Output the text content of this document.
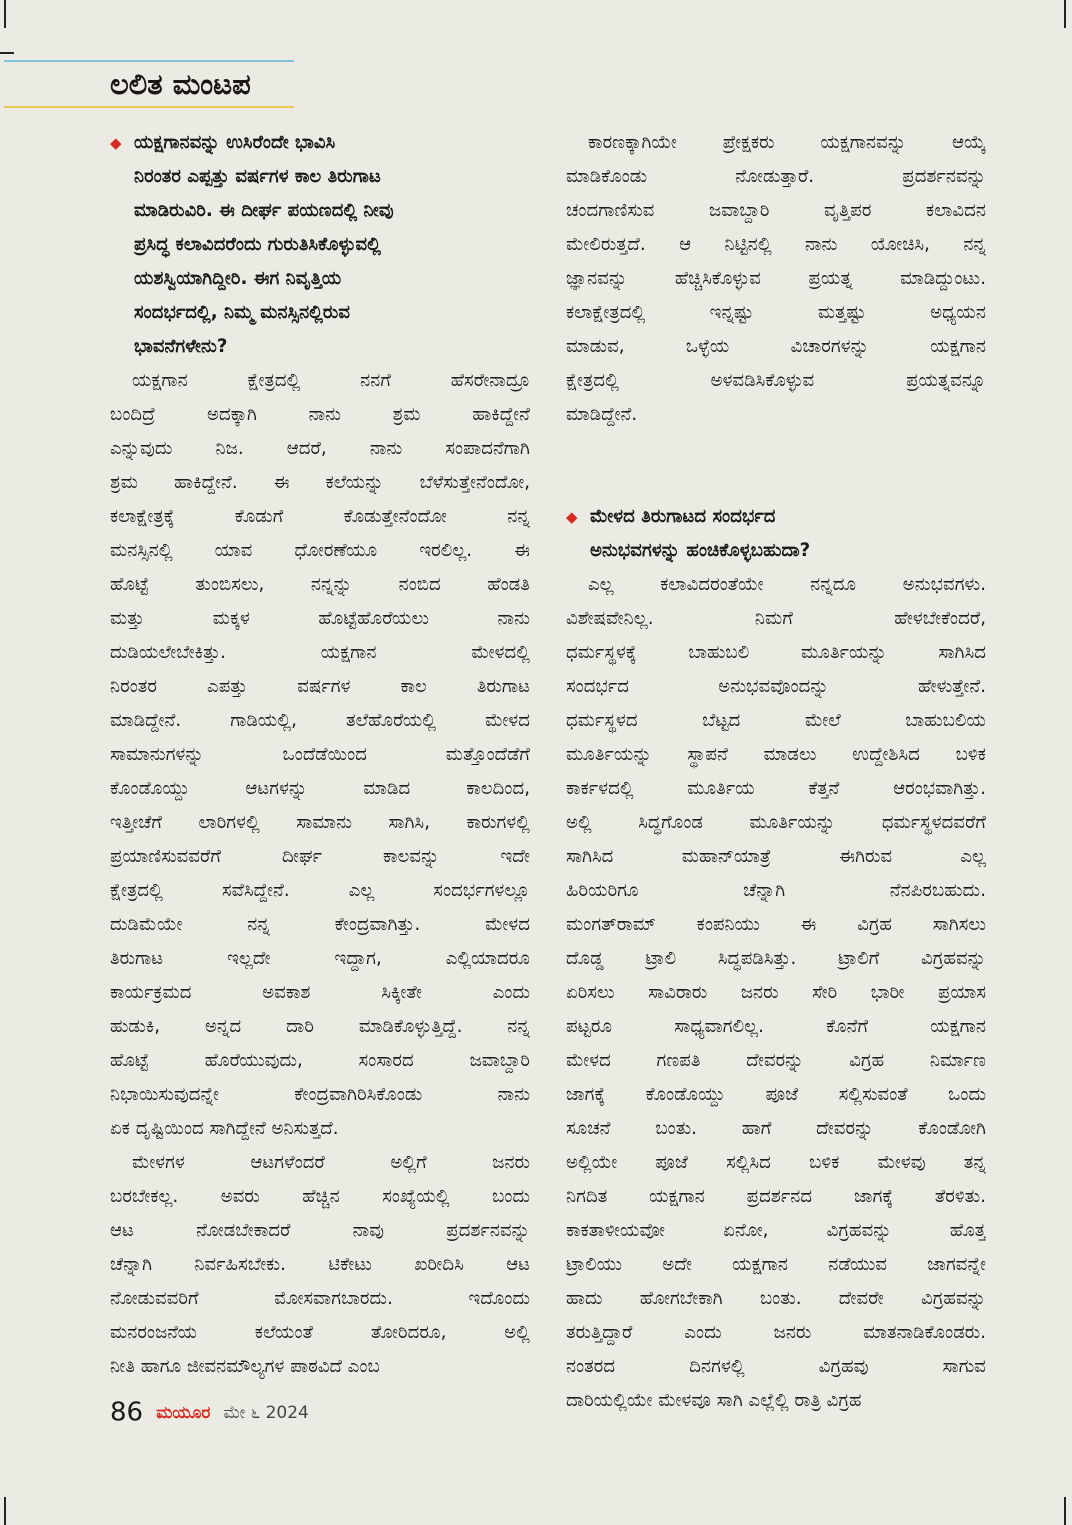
ಲಲಿತ ಮಂಟಪ
◆ ಯಕ್ಷಗಾನವನ್ನು ಉಸಿರೆಂದೇ ಭಾವಿಸಿ
ನಿರಂತರ ಎಪ್ಪತ್ತು ವರ್ಷಗಳ ಕಾಲ ತಿರುಗಾಟ
ಮಾಡಿರುವಿರಿ. ಈ ದೀರ್ಘ ಪಯಣದಲ್ಲಿ ನೀವು
ಪ್ರಸಿದ್ಧ ಕಲಾವಿದರೆಂದು ಗುರುತಿಸಿಕೊಳ್ಳುವಲ್ಲಿ
ಯಶಸ್ವಿಯಾಗಿದ್ದೀರಿ. ಈಗ ನಿವೃತ್ತಿಯ
ಸಂದರ್ಭದಲ್ಲಿ, ನಿಮ್ಮ ಮನಸ್ಸಿನಲ್ಲಿರುವ
ಭಾವನೆಗಳೇನು?
ಯಕ್ಷಗಾನ ಕ್ಷೇತ್ರದಲ್ಲಿ ನನಗೆ ಹೆಸರೇನಾದ್ರೂ
ಬಂದಿದ್ರೆ ಅದಕ್ಕಾಗಿ ನಾನು ಶ್ರಮ ಹಾಕಿದ್ದೇನೆ
ಎನ್ನುವುದು ನಿಜ. ಆದರೆ, ನಾನು ಸಂಪಾದನೆಗಾಗಿ
ಶ್ರಮ ಹಾಕಿದ್ದೇನೆ. ಈ ಕಲೆಯನ್ನು ಬೆಳೆಸುತ್ತೇನೆಂದೋ,
ಕಲಾಕ್ಷೇತ್ರಕ್ಕೆ ಕೊಡುಗೆ ಕೊಡುತ್ತೇನೆಂದೋ ನನ್ನ
ಮನಸ್ಸಿನಲ್ಲಿ ಯಾವ ಧೋರಣೆಯೂ ಇರಲಿಲ್ಲ. ಈ
ಹೊಟ್ಟೆ ತುಂಬಿಸಲು, ನನ್ನನ್ನು ನಂಬಿದ ಹೆಂಡತಿ
ಮತ್ತು ಮಕ್ಕಳ ಹೊಟ್ಟೆಹೊರೆಯಲು ನಾನು
ದುಡಿಯಲೇಬೇಕಿತ್ತು. ಯಕ್ಷಗಾನ ಮೇಳದಲ್ಲಿ
ನಿರಂತರ ಎಪತ್ತು ವರ್ಷಗಳ ಕಾಲ ತಿರುಗಾಟ
ಮಾಡಿದ್ದೇನೆ. ಗಾಡಿಯಲ್ಲಿ, ತಲೆಹೊರೆಯಲ್ಲಿ ಮೇಳದ
ಸಾಮಾನುಗಳನ್ನು ಒಂದೆಡೆಯಿಂದ ಮತ್ತೊಂದೆಡೆಗೆ
ಕೊಂಡೊಯ್ದು ಆಟಗಳನ್ನು ಮಾಡಿದ ಕಾಲದಿಂದ,
ಇತ್ತೀಚೆಗೆ ಲಾರಿಗಳಲ್ಲಿ ಸಾಮಾನು ಸಾಗಿಸಿ, ಕಾರುಗಳಲ್ಲಿ
ಪ್ರಯಾಣಿಸುವವರೆಗೆ ದೀರ್ಘ ಕಾಲವನ್ನು ಇದೇ
ಕ್ಷೇತ್ರದಲ್ಲಿ ಸವೆಸಿದ್ದೇನೆ. ಎಲ್ಲ ಸಂದರ್ಭಗಳಲ್ಲೂ
ದುಡಿಮೆಯೇ ನನ್ನ ಕೇಂದ್ರವಾಗಿತ್ತು. ಮೇಳದ
ತಿರುಗಾಟ ಇಲ್ಲದೇ ಇದ್ದಾಗ, ಎಲ್ಲಿಯಾದರೂ
ಕಾರ್ಯಕ್ರಮದ ಅವಕಾಶ ಸಿಕ್ಕೀತೇ ಎಂದು
ಹುಡುಕಿ, ಅನ್ನದ ದಾರಿ ಮಾಡಿಕೊಳ್ಳುತ್ತಿದ್ದೆ. ನನ್ನ
ಹೊಟ್ಟೆ ಹೊರೆಯುವುದು, ಸಂಸಾರದ ಜವಾಬ್ದಾರಿ
ನಿಭಾಯಿಸುವುದನ್ನೇ ಕೇಂದ್ರವಾಗಿರಿಸಿಕೊಂಡು ನಾನು
ಏಕ ದೃಷ್ಟಿಯಿಂದ ಸಾಗಿದ್ದೇನೆ ಅನಿಸುತ್ತದೆ.
ಮೇಳಗಳ ಆಟಗಳೆಂದರೆ ಅಲ್ಲಿಗೆ ಜನರು
ಬರಬೇಕಲ್ಲ. ಅವರು ಹೆಚ್ಚಿನ ಸಂಖ್ಯೆಯಲ್ಲಿ ಬಂದು
ಆಟ ನೋಡಬೇಕಾದರೆ ನಾವು ಪ್ರದರ್ಶನವನ್ನು
ಚೆನ್ನಾಗಿ ನಿರ್ವಹಿಸಬೇಕು. ಟಿಕೇಟು ಖರೀದಿಸಿ ಆಟ
ನೋಡುವವರಿಗೆ ಮೋಸವಾಗಬಾರದು. ಇದೊಂದು
ಮನರಂಜನೆಯ ಕಲೆಯಂತೆ ತೋರಿದರೂ, ಅಲ್ಲಿ
ನೀತಿ ಹಾಗೂ ಜೀವನಮೌಲ್ಯಗಳ ಪಾಠವಿದೆ ಎಂಬ
ಕಾರಣಕ್ಕಾಗಿಯೇ ಪ್ರೇಕ್ಷಕರು ಯಕ್ಷಗಾನವನ್ನು ಆಯ್ಕೆ
ಮಾಡಿಕೊಂಡು ನೋಡುತ್ತಾರೆ. ಪ್ರದರ್ಶನವನ್ನು
ಚಂದಗಾಣಿಸುವ ಜವಾಬ್ದಾರಿ ವೃತ್ತಿಪರ ಕಲಾವಿದನ
ಮೇಲಿರುತ್ತದೆ. ಆ ನಿಟ್ಟಿನಲ್ಲಿ ನಾನು ಯೋಚಿಸಿ, ನನ್ನ
ಜ್ಞಾನವನ್ನು ಹೆಚ್ಚಿಸಿಕೊಳ್ಳುವ ಪ್ರಯತ್ನ ಮಾಡಿದ್ದುಂಟು.
ಕಲಾಕ್ಷೇತ್ರದಲ್ಲಿ ಇನ್ನಷ್ಟು ಮತ್ತಷ್ಟು ಅಧ್ಯಯನ
ಮಾಡುವ, ಒಳ್ಳೆಯ ವಿಚಾರಗಳನ್ನು ಯಕ್ಷಗಾನ
ಕ್ಷೇತ್ರದಲ್ಲಿ ಅಳವಡಿಸಿಕೊಳ್ಳುವ ಪ್ರಯತ್ನವನ್ನೂ
ಮಾಡಿದ್ದೇನೆ.
◆ ಮೇಳದ ತಿರುಗಾಟದ ಸಂದರ್ಭದ
ಅನುಭವಗಳನ್ನು ಹಂಚಿಕೊಳ್ಳಬಹುದಾ?
ಎಲ್ಲ ಕಲಾವಿದರಂತೆಯೇ ನನ್ನದೂ ಅನುಭವಗಳು.
ವಿಶೇಷವೇನಿಲ್ಲ. ನಿಮಗೆ ಹೇಳಬೇಕೆಂದರೆ,
ಧರ್ಮಸ್ಥಳಕ್ಕೆ ಬಾಹುಬಲಿ ಮೂರ್ತಿಯನ್ನು ಸಾಗಿಸಿದ
ಸಂದರ್ಭದ ಅನುಭವವೊಂದನ್ನು ಹೇಳುತ್ತೇನೆ.
ಧರ್ಮಸ್ಥಳದ ಬೆಟ್ಟದ ಮೇಲೆ ಬಾಹುಬಲಿಯ
ಮೂರ್ತಿಯನ್ನು ಸ್ಥಾಪನೆ ಮಾಡಲು ಉದ್ದೇಶಿಸಿದ ಬಳಿಕ
ಕಾರ್ಕಳದಲ್ಲಿ ಮೂರ್ತಿಯ ಕೆತ್ತನೆ ಆರಂಭವಾಗಿತ್ತು.
ಅಲ್ಲಿ ಸಿದ್ಧಗೊಂಡ ಮೂರ್ತಿಯನ್ನು ಧರ್ಮಸ್ಥಳದವರೆಗೆ
ಸಾಗಿಸಿದ ಮಹಾನ್‌ಯಾತ್ರೆ ಈಗಿರುವ ಎಲ್ಲ
ಹಿರಿಯರಿಗೂ ಚೆನ್ನಾಗಿ ನೆನಪಿರಬಹುದು.
ಮಂಗತ್‌ರಾಮ್ ಕಂಪನಿಯು ಈ ವಿಗ್ರಹ ಸಾಗಿಸಲು
ದೊಡ್ಡ ಟ್ರಾಲಿ ಸಿದ್ಧಪಡಿಸಿತ್ತು. ಟ್ರಾಲಿಗೆ ವಿಗ್ರಹವನ್ನು
ಏರಿಸಲು ಸಾವಿರಾರು ಜನರು ಸೇರಿ ಭಾರೀ ಪ್ರಯಾಸ
ಪಟ್ಟರೂ ಸಾಧ್ಯವಾಗಲಿಲ್ಲ. ಕೊನೆಗೆ ಯಕ್ಷಗಾನ
ಮೇಳದ ಗಣಪತಿ ದೇವರನ್ನು ವಿಗ್ರಹ ನಿರ್ಮಾಣ
ಜಾಗಕ್ಕೆ ಕೊಂಡೊಯ್ದು ಪೂಜೆ ಸಲ್ಲಿಸುವಂತೆ ಒಂದು
ಸೂಚನೆ ಬಂತು. ಹಾಗೆ ದೇವರನ್ನು ಕೊಂಡೋಗಿ
ಅಲ್ಲಿಯೇ ಪೂಜೆ ಸಲ್ಲಿಸಿದ ಬಳಿಕ ಮೇಳವು ತನ್ನ
ನಿಗದಿತ ಯಕ್ಷಗಾನ ಪ್ರದರ್ಶನದ ಜಾಗಕ್ಕೆ ತೆರಳಿತು.
ಕಾಕತಾಳೀಯವೋ ಏನೋ, ವಿಗ್ರಹವನ್ನು ಹೊತ್ತ
ಟ್ರಾಲಿಯು ಅದೇ ಯಕ್ಷಗಾನ ನಡೆಯುವ ಜಾಗವನ್ನೇ
ಹಾದು ಹೋಗಬೇಕಾಗಿ ಬಂತು. ದೇವರೇ ವಿಗ್ರಹವನ್ನು
ತರುತ್ತಿದ್ದಾರೆ ಎಂದು ಜನರು ಮಾತನಾಡಿಕೊಂಡರು.
ನಂತರದ ದಿನಗಳಲ್ಲಿ ವಿಗ್ರಹವು ಸಾಗುವ
ದಾರಿಯಲ್ಲಿಯೇ ಮೇಳವೂ ಸಾಗಿ ಎಲ್ಲೆಲ್ಲಿ ರಾತ್ರಿ ವಿಗ್ರಹ
86 ಮಯೂರ ಮೇ ೬ 2024
